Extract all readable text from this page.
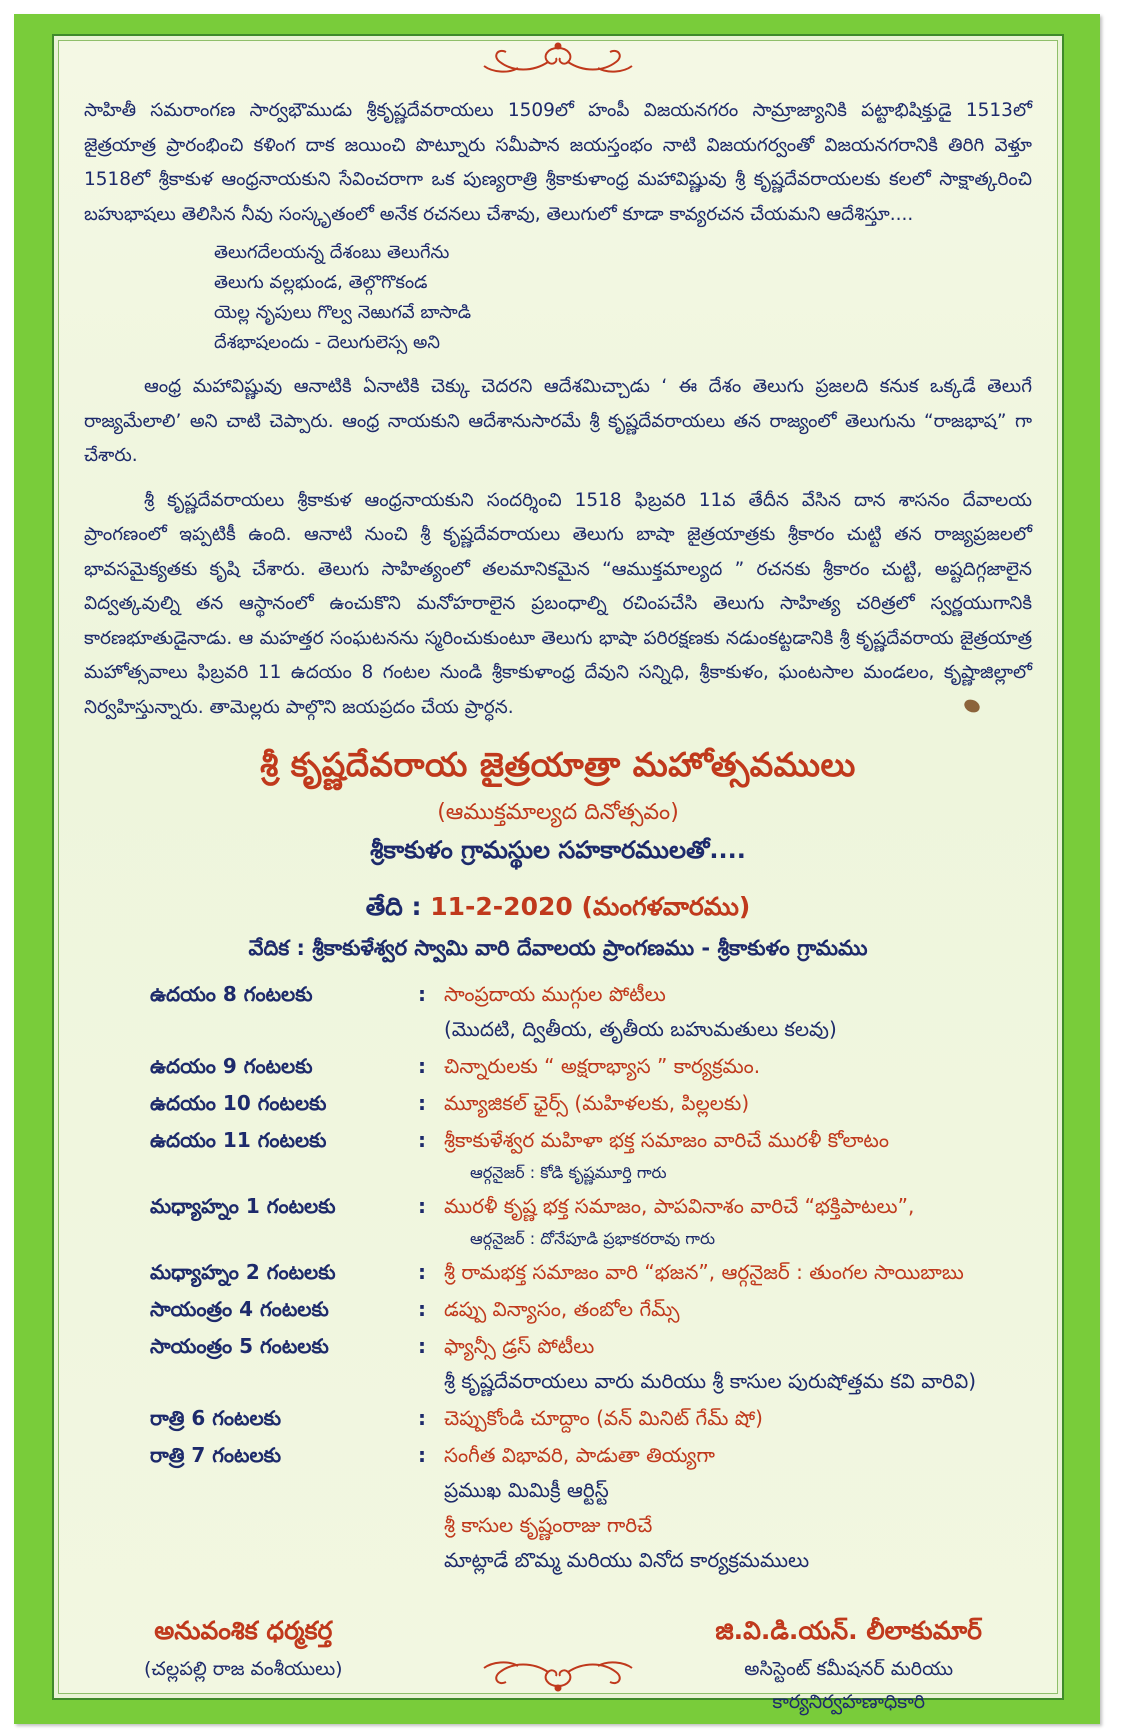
సాహితీ సమరాంగణ సార్వభౌముడు శ్రీకృష్ణదేవరాయలు 1509లో హంపీ విజయనగరం సామ్రాజ్యానికి పట్టాభిషిక్తుడై 1513లో జైత్రయాత్ర ప్రారంభించి కళింగ దాక జయించి పొట్నూరు సమీపాన జయస్తంభం నాటి విజయగర్వంతో విజయనగరానికి తిరిగి వెళ్తూ 1518లో శ్రీకాకుళ ఆంధ్రనాయకుని సేవించరాగా ఒక పుణ్యరాత్రి శ్రీకాకుళాంధ్ర మహావిష్ణువు శ్రీ కృష్ణదేవరాయలకు కలలో సాక్షాత్కరించి బహుభాషలు తెలిసిన నీవు సంస్కృతంలో అనేక రచనలు చేశావు, తెలుగులో కూడా కావ్యరచన చేయమని ఆదేశిస్తూ....

తెలుగదేలయన్న దేశంబు తెలుగేను
తెలుగు వల్లభుండ, తెల్గొగొకండ
యెల్ల నృపులు గొల్వ నెఱుగవే బాసాడి
దేశభాషలందు - దెలుగులెస్స అని

ఆంధ్ర మహావిష్ణువు ఆనాటికి ఏనాటికి చెక్కు చెదరని ఆదేశమిచ్చాడు ‘ ఈ దేశం తెలుగు ప్రజలది కనుక ఒక్కడే తెలుగే రాజ్యమేలాలి’ అని చాటి చెప్పారు. ఆంధ్ర నాయకుని ఆదేశానుసారమే శ్రీ కృష్ణదేవరాయలు తన రాజ్యంలో తెలుగును “రాజభాష” గా చేశారు.

శ్రీ కృష్ణదేవరాయలు శ్రీకాకుళ ఆంధ్రనాయకుని సందర్శించి 1518 ఫిబ్రవరి 11వ తేదీన వేసిన దాన శాసనం దేవాలయ ప్రాంగణంలో ఇప్పటికీ ఉంది. ఆనాటి నుంచి శ్రీ కృష్ణదేవరాయలు తెలుగు బాషా జైత్రయాత్రకు శ్రీకారం చుట్టి తన రాజ్యప్రజలలో భావసమైక్యతకు కృషి చేశారు. తెలుగు సాహిత్యంలో తలమానికమైన “ఆముక్తమాల్యద ” రచనకు శ్రీకారం చుట్టి, అష్టదిగ్గజాలైన విద్వత్కవుల్ని తన ఆస్థానంలో ఉంచుకొని మనోహరాలైన ప్రబంధాల్ని రచింపచేసి తెలుగు సాహిత్య చరిత్రలో స్వర్ణయుగానికి కారణభూతుడైనాడు. ఆ మహత్తర సంఘటనను స్మరించుకుంటూ తెలుగు భాషా పరిరక్షణకు నడుంకట్టడానికి శ్రీ కృష్ణదేవరాయ జైత్రయాత్ర మహోత్సవాలు ఫిబ్రవరి 11 ఉదయం 8 గంటల నుండి శ్రీకాకుళాంధ్ర దేవుని సన్నిధి, శ్రీకాకుళం, ఘంటసాల మండలం, కృష్ణాజిల్లాలో నిర్వహిస్తున్నారు. తామెల్లరు పాల్గొని జయప్రదం చేయ ప్రార్ధన.

శ్రీ కృష్ణదేవరాయ జైత్రయాత్రా మహోత్సవములు
(ఆముక్తమాల్యద దినోత్సవం)
శ్రీకాకుళం గ్రామస్థుల సహకారములతో....
తేది : 11-2-2020 (మంగళవారము)
వేదిక : శ్రీకాకుళేశ్వర స్వామి వారి దేవాలయ ప్రాంగణము - శ్రీకాకుళం గ్రామము
ఉదయం 8 గంటలకు	: సాంప్రదాయ ముగ్గుల పోటీలు
(మొదటి, ద్వితీయ, తృతీయ బహుమతులు కలవు)
ఉదయం 9 గంటలకు	: చిన్నారులకు “ అక్షరాభ్యాస ” కార్యక్రమం.
ఉదయం 10 గంటలకు	: మ్యూజికల్ ఛైర్స్ (మహిళలకు, పిల్లలకు)
ఉదయం 11 గంటలకు	: శ్రీకాకుళేశ్వర మహిళా భక్త సమాజం వారిచే మురళీ కోలాటం
ఆర్గనైజర్ : కోడి కృష్ణమూర్తి గారు
మధ్యాహ్నం 1 గంటలకు	: మురళీ కృష్ణ భక్త సమాజం, పాపవినాశం వారిచే “భక్తిపాటలు”,
ఆర్గనైజర్ : దోనేపూడి ప్రభాకరరావు గారు
మధ్యాహ్నం 2 గంటలకు	: శ్రీ రామభక్త సమాజం వారి “భజన”, ఆర్గనైజర్ : తుంగల సాయిబాబు
సాయంత్రం 4 గంటలకు	: డప్పు విన్యాసం, తంబోల గేమ్స్
సాయంత్రం 5 గంటలకు	: ఫ్యాన్సీ డ్రస్ పోటీలు
శ్రీ కృష్ణదేవరాయలు వారు మరియు శ్రీ కాసుల పురుషోత్తమ కవి వారివి)
రాత్రి 6 గంటలకు	: చెప్పుకోండి చూద్దాం (వన్ మినిట్ గేమ్ షో)
రాత్రి 7 గంటలకు	: సంగీత విభావరి, పాడుతా తియ్యగా
ప్రముఖ మిమిక్రీ ఆర్టిస్ట్
శ్రీ కాసుల కృష్ణంరాజు గారిచే
మాట్లాడే బొమ్మ మరియు వినోద కార్యక్రమములు
అనువంశిక ధర్మకర్త
(చల్లపల్లి రాజ వంశీయులు)
జి.వి.డి.యన్. లీలాకుమార్
అసిస్టెంట్ కమీషనర్ మరియు
కార్యనిర్వహణాధికారి
